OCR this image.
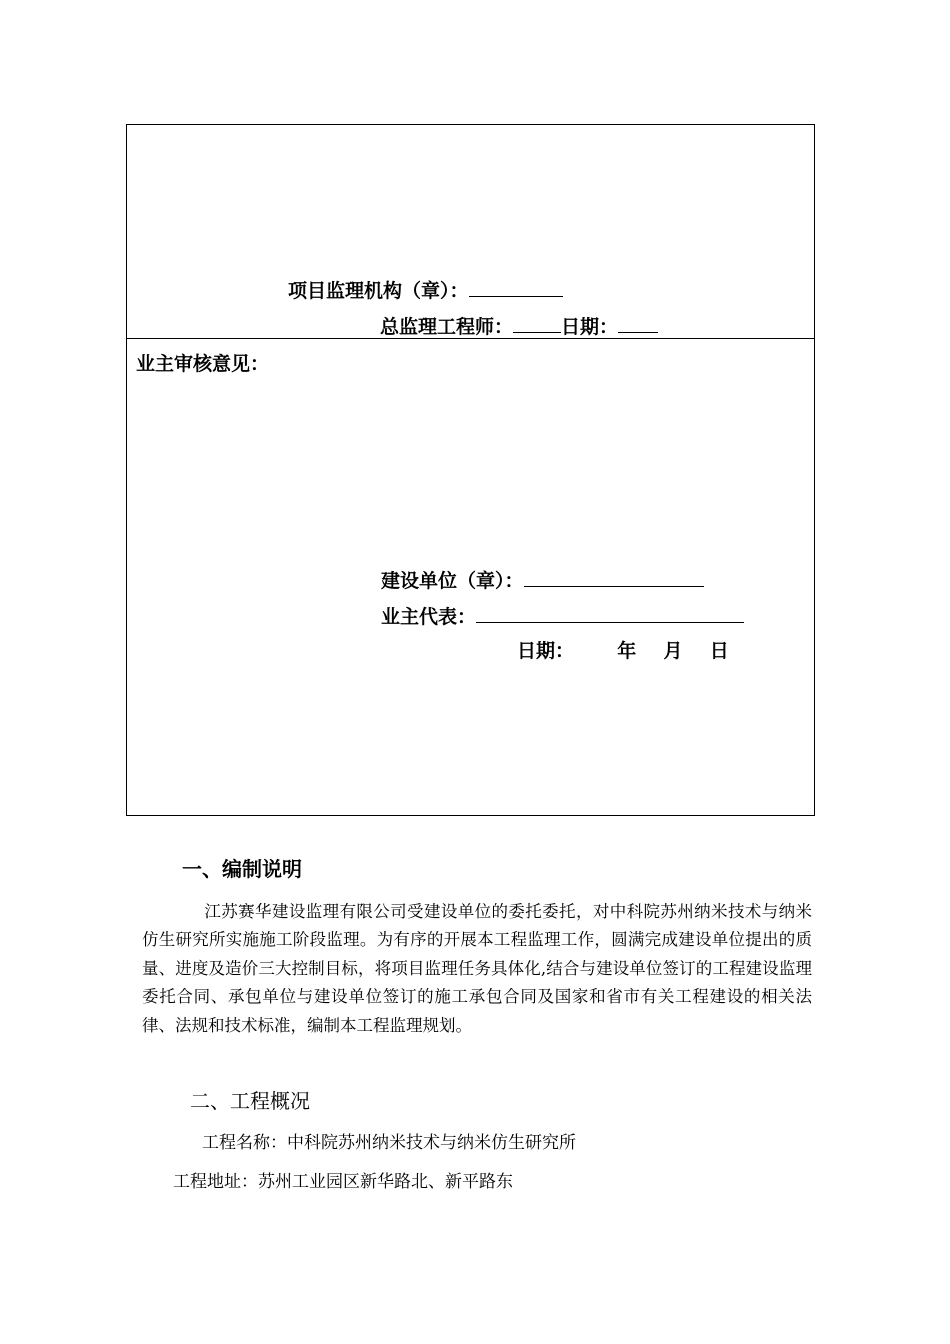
项目监理机构（章）：
总监理工程师：	日期：
业主审核意见：
建设单位（章）：
业主代表：
日期： 年 月 日
一、编制说明
江苏赛华建设监理有限公司受建设单位的委托委托，对中科院苏州纳米技术与纳米仿生研究所实施施工阶段监理。为有序的开展本工程监理工作，圆满完成建设单位提出的质量、进度及造价三大控制目标，将项目监理任务具体化,结合与建设单位签订的工程建设监理委托合同、承包单位与建设单位签订的施工承包合同及国家和省市有关工程建设的相关法律、法规和技术标准，编制本工程监理规划。
二、工程概况
工程名称：中科院苏州纳米技术与纳米仿生研究所
工程地址：苏州工业园区新华路北、新平路东
